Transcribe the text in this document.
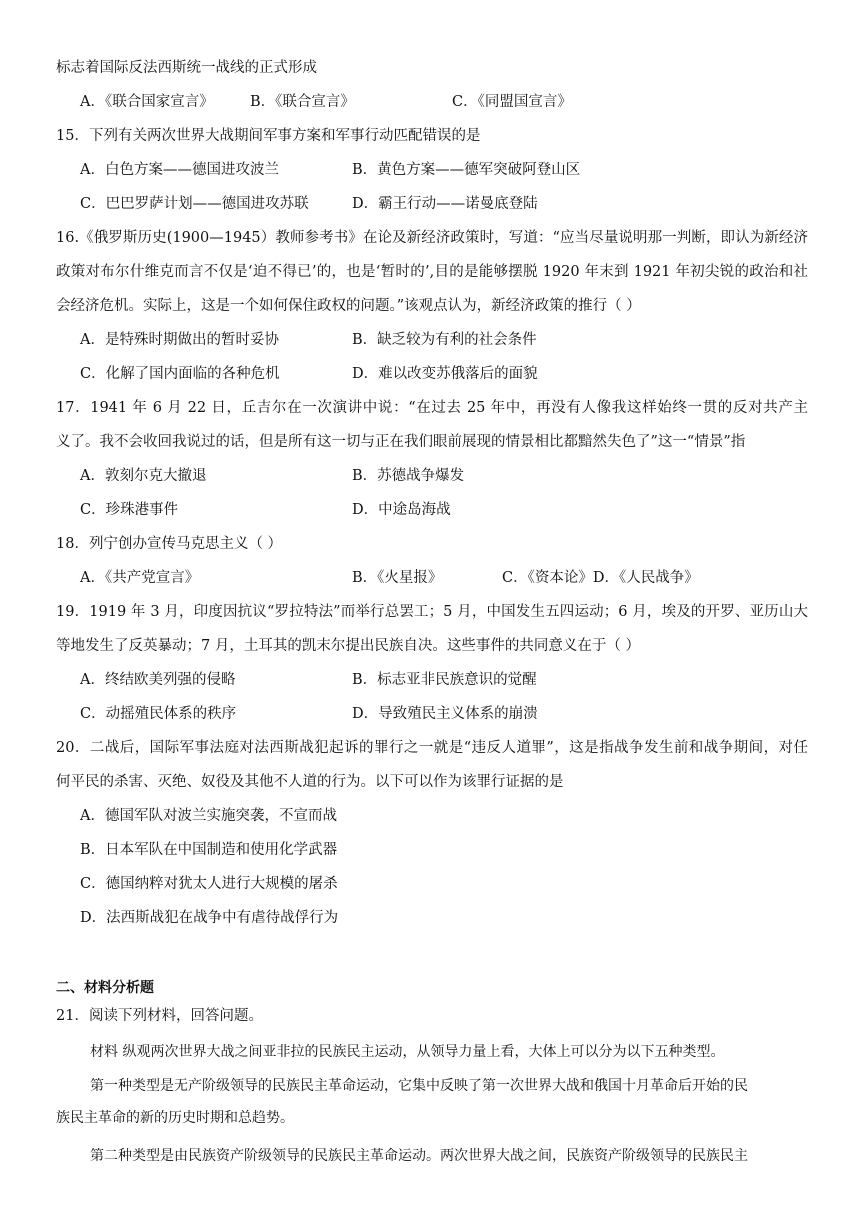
标志着国际反法西斯统一战线的正式形成
A．《联合国家宣言》	B．《联合宣言》	C．《同盟国宣言》
15．下列有关两次世界大战期间军事方案和军事行动匹配错误的是
A．白色方案——德国进攻波兰	B．黄色方案——德军突破阿登山区
C．巴巴罗萨计划——德国进攻苏联	D．霸王行动——诺曼底登陆
16.《俄罗斯历史(1900—1945）教师参考书》在论及新经济政策时，写道：“应当尽量说明那一判断，即认为新经济
政策对布尔什维克而言不仅是‘迫不得已’的，也是‘暂时的’,目的是能够摆脱 1920 年末到 1921 年初尖锐的政治和社
会经济危机。实际上，这是一个如何保住政权的问题。”该观点认为，新经济政策的推行（ ）
A．是特殊时期做出的暂时妥协	B．缺乏较为有利的社会条件
C．化解了国内面临的各种危机	D．难以改变苏俄落后的面貌
17．1941 年 6 月 22 日，丘吉尔在一次演讲中说：“在过去 25 年中，再没有人像我这样始终一贯的反对共产主
义了。我不会收回我说过的话，但是所有这一切与正在我们眼前展现的情景相比都黯然失色了”这一“情景”指
A．敦刻尔克大撤退	B．苏德战争爆发
C．珍珠港事件	D．中途岛海战
18．列宁创办宣传马克思主义（ ）
A．《共产党宣言》	B．《火星报》	C．《资本论》D．《人民战争》
19．1919 年 3 月，印度因抗议“罗拉特法”而举行总罢工；5 月，中国发生五四运动；6 月，埃及的开罗、亚历山大
等地发生了反英暴动；7 月，土耳其的凯末尔提出民族自决。这些事件的共同意义在于（ ）
A．终结欧美列强的侵略	B．标志亚非民族意识的觉醒
C．动摇殖民体系的秩序	D．导致殖民主义体系的崩溃
20．二战后，国际军事法庭对法西斯战犯起诉的罪行之一就是“违反人道罪”，这是指战争发生前和战争期间，对任
何平民的杀害、灭绝、奴役及其他不人道的行为。以下可以作为该罪行证据的是
A．德国军队对波兰实施突袭，不宣而战
B．日本军队在中国制造和使用化学武器
C．德国纳粹对犹太人进行大规模的屠杀
D．法西斯战犯在战争中有虐待战俘行为
二、材料分析题
21．阅读下列材料，回答问题。
材料 纵观两次世界大战之间亚非拉的民族民主运动，从领导力量上看，大体上可以分为以下五种类型。
第一种类型是无产阶级领导的民族民主革命运动，它集中反映了第一次世界大战和俄国十月革命后开始的民
族民主革命的新的历史时期和总趋势。
第二种类型是由民族资产阶级领导的民族民主革命运动。两次世界大战之间，民族资产阶级领导的民族民主
